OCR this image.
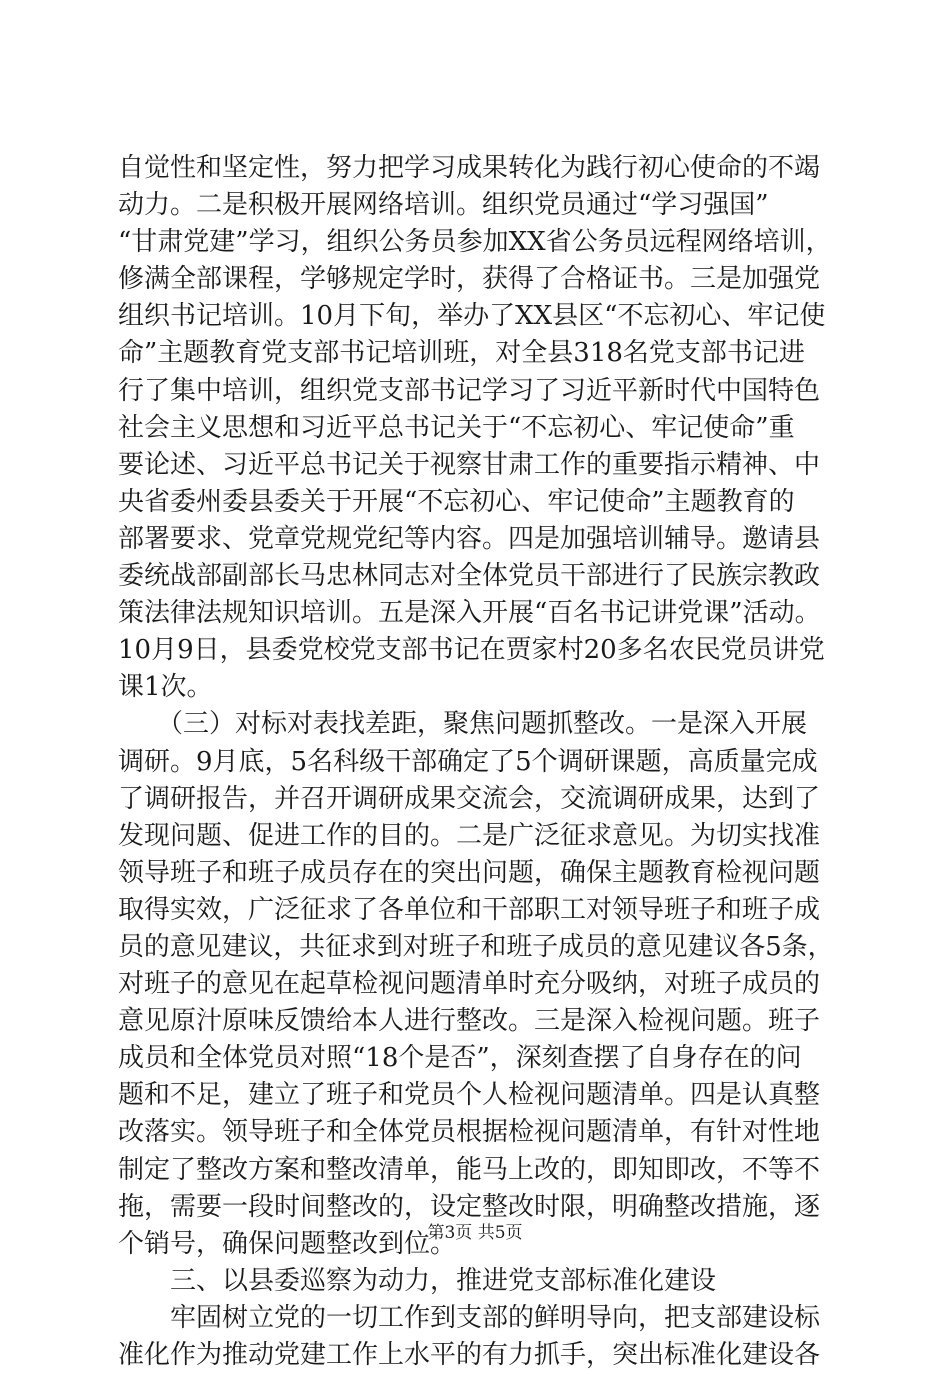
自觉性和坚定性，努力把学习成果转化为践行初心使命的不竭
动力。二是积极开展网络培训。组织党员通过“学习强国”
“甘肃党建”学习，组织公务员参加XX省公务员远程网络培训，
修满全部课程，学够规定学时，获得了合格证书。三是加强党
组织书记培训。10月下旬，举办了XX县区“不忘初心、牢记使
命”主题教育党支部书记培训班，对全县318名党支部书记进
行了集中培训，组织党支部书记学习了习近平新时代中国特色
社会主义思想和习近平总书记关于“不忘初心、牢记使命”重
要论述、习近平总书记关于视察甘肃工作的重要指示精神、中
央省委州委县委关于开展“不忘初心、牢记使命”主题教育的
部署要求、党章党规党纪等内容。四是加强培训辅导。邀请县
委统战部副部长马忠林同志对全体党员干部进行了民族宗教政
策法律法规知识培训。五是深入开展“百名书记讲党课”活动。
10月9日，县委党校党支部书记在贾家村20多名农民党员讲党
课1次。
　　（三）对标对表找差距，聚焦问题抓整改。一是深入开展
调研。9月底，5名科级干部确定了5个调研课题，高质量完成
了调研报告，并召开调研成果交流会，交流调研成果，达到了
发现问题、促进工作的目的。二是广泛征求意见。为切实找准
领导班子和班子成员存在的突出问题，确保主题教育检视问题
取得实效，广泛征求了各单位和干部职工对领导班子和班子成
员的意见建议，共征求到对班子和班子成员的意见建议各5条，
对班子的意见在起草检视问题清单时充分吸纳，对班子成员的
意见原汁原味反馈给本人进行整改。三是深入检视问题。班子
成员和全体党员对照“18个是否”，深刻查摆了自身存在的问
题和不足，建立了班子和党员个人检视问题清单。四是认真整
改落实。领导班子和全体党员根据检视问题清单，有针对性地
制定了整改方案和整改清单，能马上改的，即知即改，不等不
拖，需要一段时间整改的，设定整改时限，明确整改措施，逐
个销号，确保问题整改到位。
　　三、以县委巡察为动力，推进党支部标准化建设
　　牢固树立党的一切工作到支部的鲜明导向，把支部建设标
准化作为推动党建工作上水平的有力抓手，突出标准化建设各
第3页 共5页
